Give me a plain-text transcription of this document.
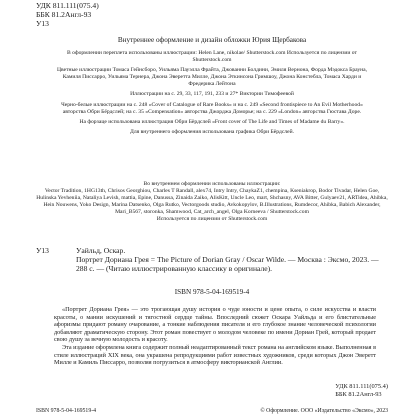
УДК 811.111(075.4)
ББК 81.2Англ-93
У13
Внутреннее оформление и дизайн обложки Юрия Щербакова

В оформлении переплета использованы иллюстрации: Helen Lane, nikolae/ Shutterstock.com Используется по лицензии от Shutterstock.com

Цветные иллюстрации Томаса Гейнсборо, Уильяма Пауэлла Фрайта, Джованни Болдини, Эмиля Вернона, Форда Мэдокса Брауна, Камиля Писсарро, Уильяма Тернера, Джона Эверетта Милле, Джона Эткинсона Гримшоу, Джона Констебла, Томаса Харди и Фредерика Лейтона

Иллюстрации на с. 29, 33, 117, 191, 233 и 27* Виктории Тимофеевой

Черно-белые иллюстрации на с. 248 «Cover of Catalogue of Rare Books» и на с. 249 «Second frontispiece to An Evil Motherhood» авторства Обри Бёрдслей; на с. 35 «Compensation» авторства Джорджа Доморье; на с. 229 «London» авторства Гюстава Доре.

На форзаце использована иллюстрация Обри Бёрдслей «Front cover of The Life and Times of Madame du Barry».

Для внутреннего оформления использована графика Обри Бёрдслей.

Во внутреннем оформлении использованы иллюстрации:

Vector Tradition, 1HG13th, Chrisos Georghiou, Charles T Randall, alex74, Intry Intry, ChaykaZ1, chempina, Kseniakrop, Bodor Tivadar, Helen Goe, Hulinska Yevheniia, Nataliya Levish, mattia, Epine, Danussa, Zinaida Zaiko, AlisKitt, Uncle Leo, mart, Shchasny, AVA Bitter, Gulyaev21, ARTidea, Ahibka, Hein Nouwens, Yoko Design, Marina Datsenko, Olga Rutko, Vectorgoods studio, Avkokopylov, B.Illustrations, Rumdecor, Ahibka, Babich Alexander, Mari_B567, storonka, Shamwood, Cat_arch_angel, Olga Korneeva / Shutterstock.com

Используется по лицензии от Shutterstock.com

У13	Уайльд, Оскар.
Портрет Дориана Грея = The Picture of Dorian Gray / Oscar Wilde. — Москва : Эксмо, 2023. — 288 с. — (Читаю иллюстрированную классику в оригинале).
ISBN 978-5-04-169519-4

«Портрет Дориана Грея» — это трогающая душу история о чуде юности и цене опыта, о силе искусства и власти красоты, о мании искушений и тягостной сердце тайны. Впоследний сюжет Оскара Уайльда и его блистательные афоризмы придают роману очарование, а тонкие наблюдения писателя и его глубокое знание человеческой психологии добавляют драматическую сторону. Этот роман повествует о молодом человеке по имени Дориан Грей, который продает свою душу за вечную молодость и красоту.

Эта издание оформлена книга содержит полный неадаптированный текст романа на английском языке. Выполненная в стиле иллюстраций XIX века, она украшена репродукциями работ известных художников, среди которых Джон Эверетт Милле и Камиль Писсарро, позволяя погрузиться в атмосферу викторианской Англии.

УДК 811.111(075.4)
ББК 81.2Англ-93
ISBN 978-5-04-169519-4	© Оформление. ООО «Издательство «Эксмо», 2023
